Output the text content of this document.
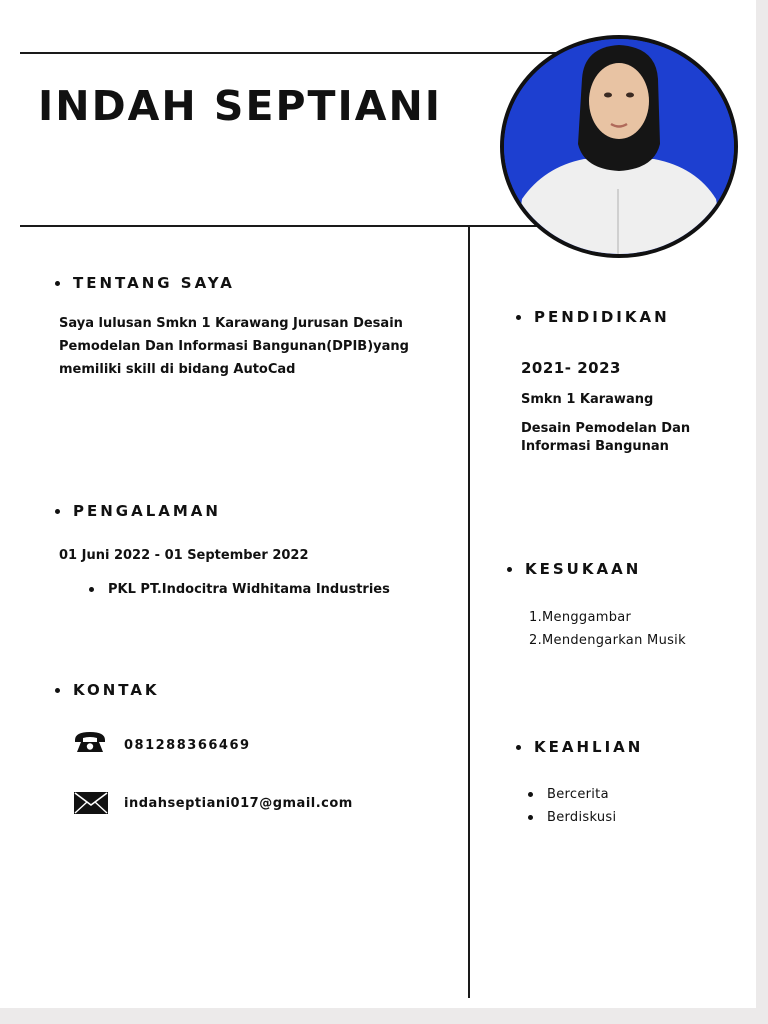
INDAH SEPTIANI
TENTANG SAYA
Saya lulusan Smkn 1 Karawang Jurusan Desain
Pemodelan Dan Informasi Bangunan(DPIB)yang
memiliki skill di bidang AutoCad
PENGALAMAN
01 Juni 2022 - 01 September 2022
PKL PT.Indocitra Widhitama Industries
KONTAK
081288366469
indahseptiani017@gmail.com
PENDIDIKAN
2021- 2023
Smkn 1 Karawang
Desain Pemodelan Dan
Informasi Bangunan
KESUKAAN
1.Menggambar
2.Mendengarkan Musik
KEAHLIAN
Bercerita
Berdiskusi
